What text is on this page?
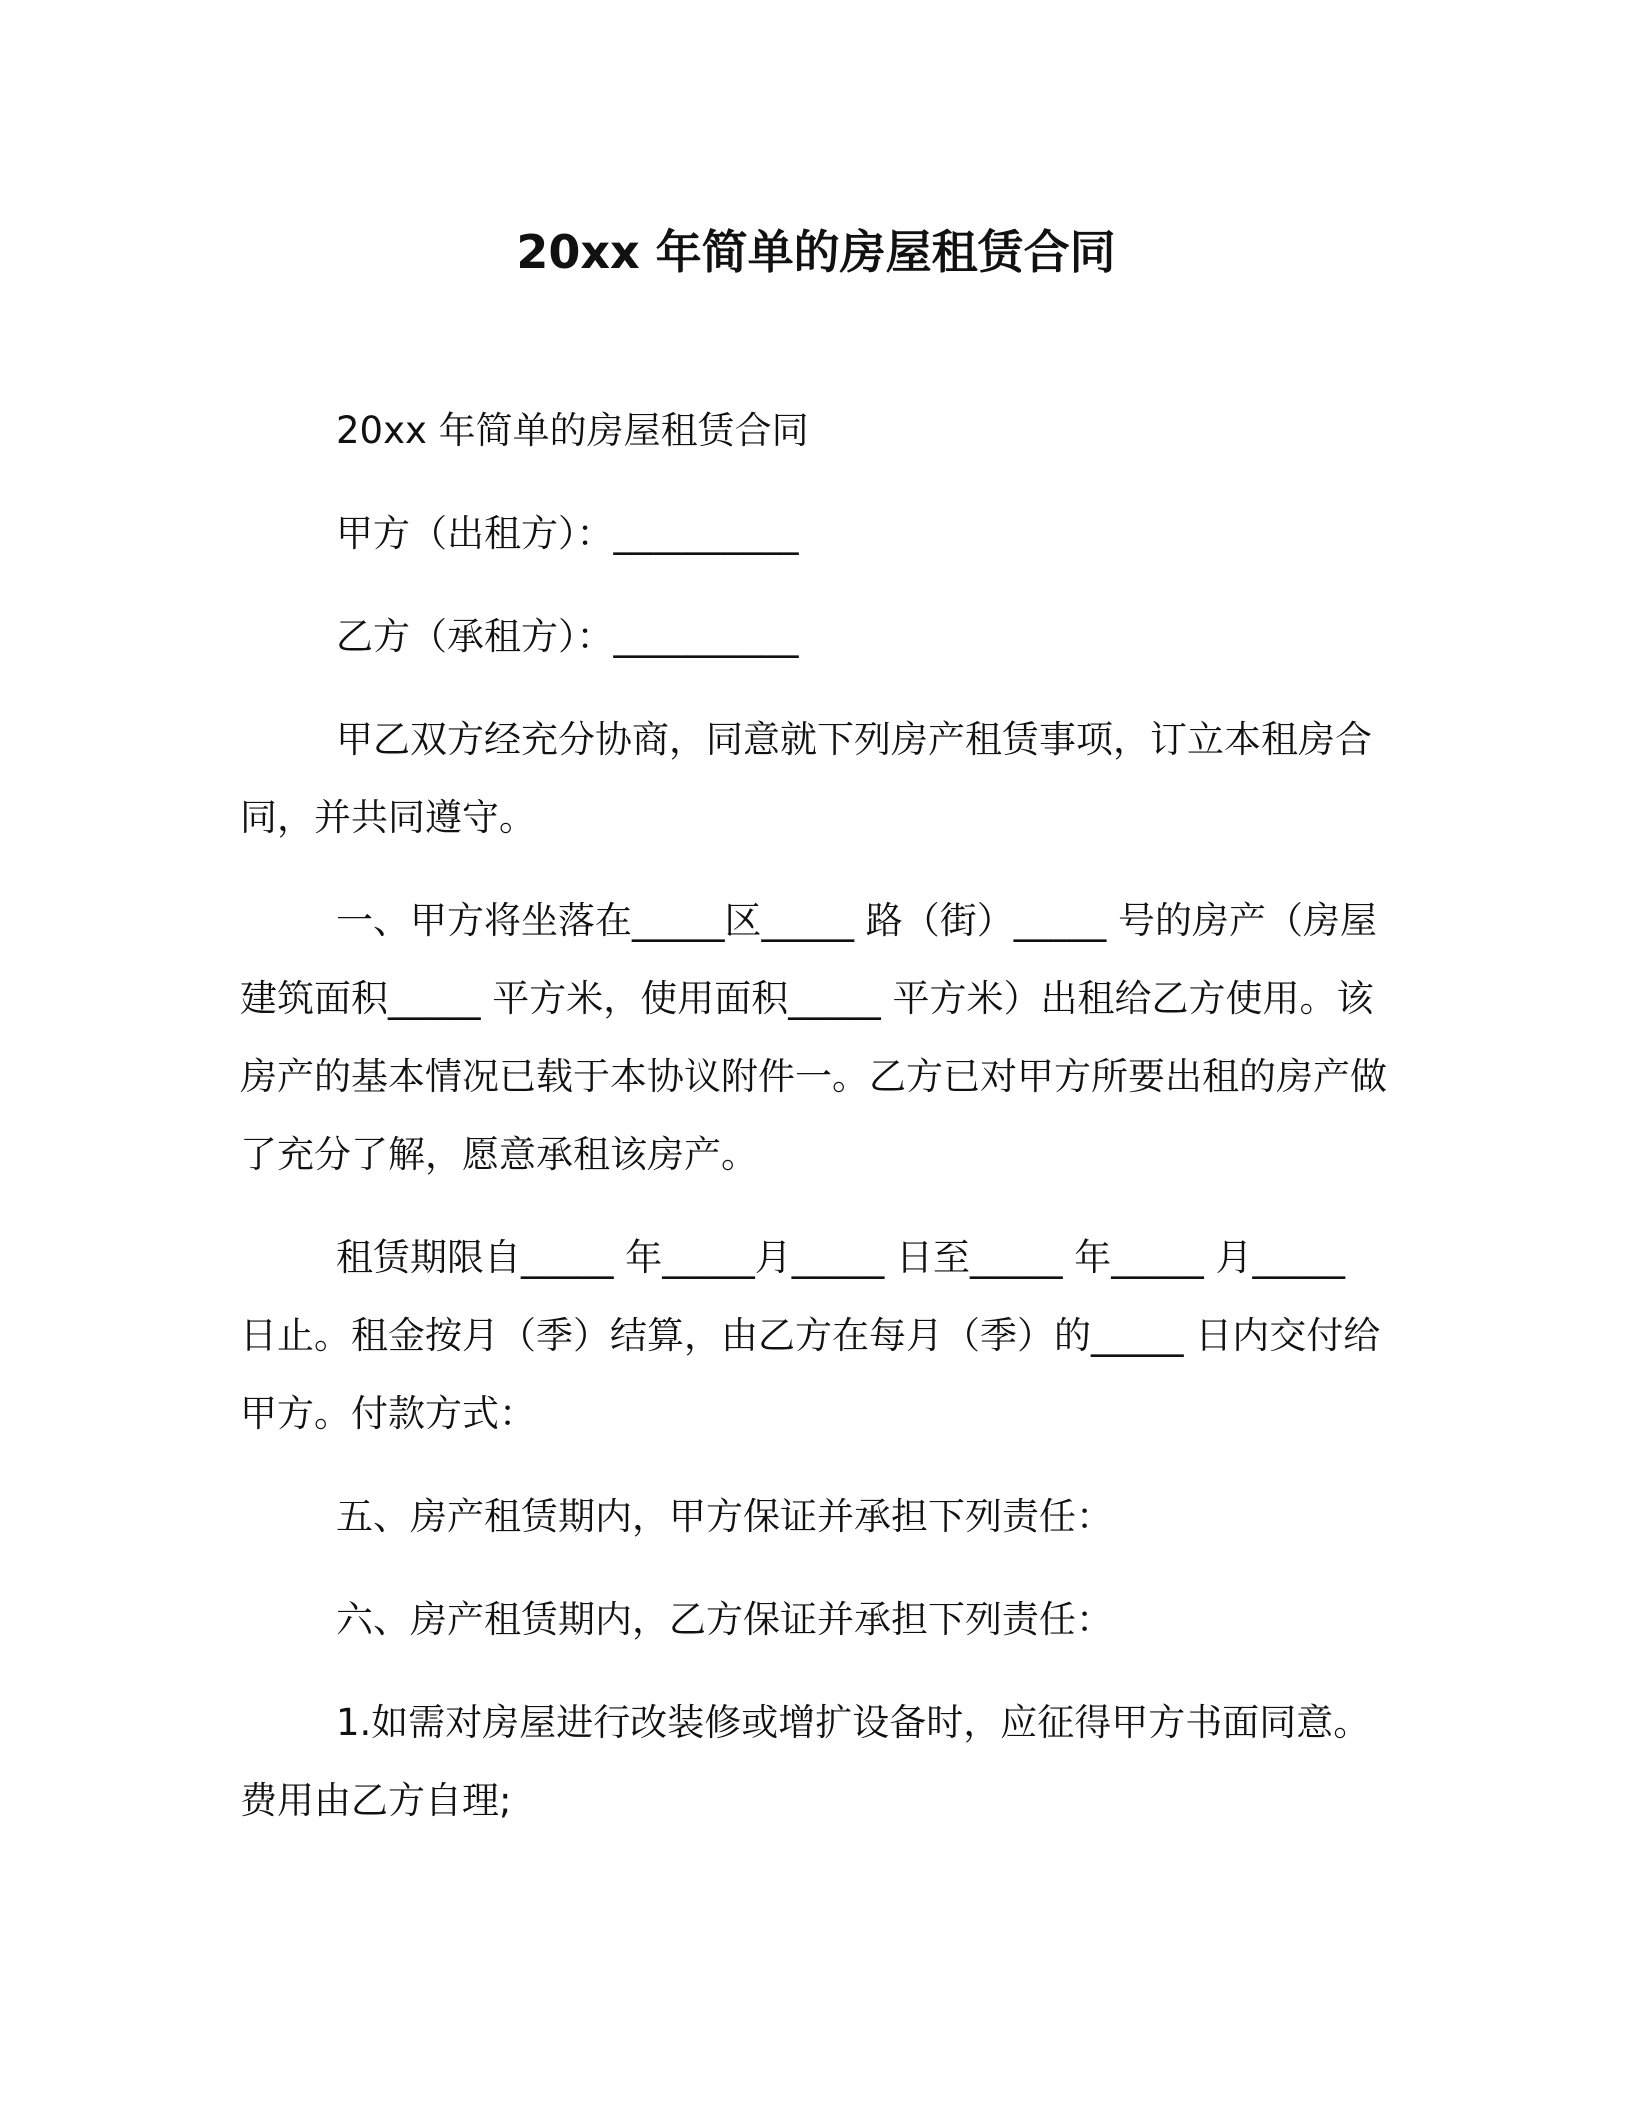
20xx 年简单的房屋租赁合同

20xx 年简单的房屋租赁合同

甲方（出租方）：__________

乙方（承租方）：__________

甲乙双方经充分协商，同意就下列房产租赁事项，订立本租房合同，并共同遵守。

一、甲方将坐落在_____区_____ 路（街）_____ 号的房产（房屋建筑面积_____ 平方米，使用面积_____ 平方米）出租给乙方使用。该房产的基本情况已载于本协议附件一。乙方已对甲方所要出租的房产做了充分了解，愿意承租该房产。

租赁期限自_____ 年_____月_____ 日至_____ 年_____ 月_____ 日止。租金按月（季）结算，由乙方在每月（季）的_____ 日内交付给甲方。付款方式：

五、房产租赁期内，甲方保证并承担下列责任：

六、房产租赁期内，乙方保证并承担下列责任：

1.如需对房屋进行改装修或增扩设备时，应征得甲方书面同意。费用由乙方自理;
